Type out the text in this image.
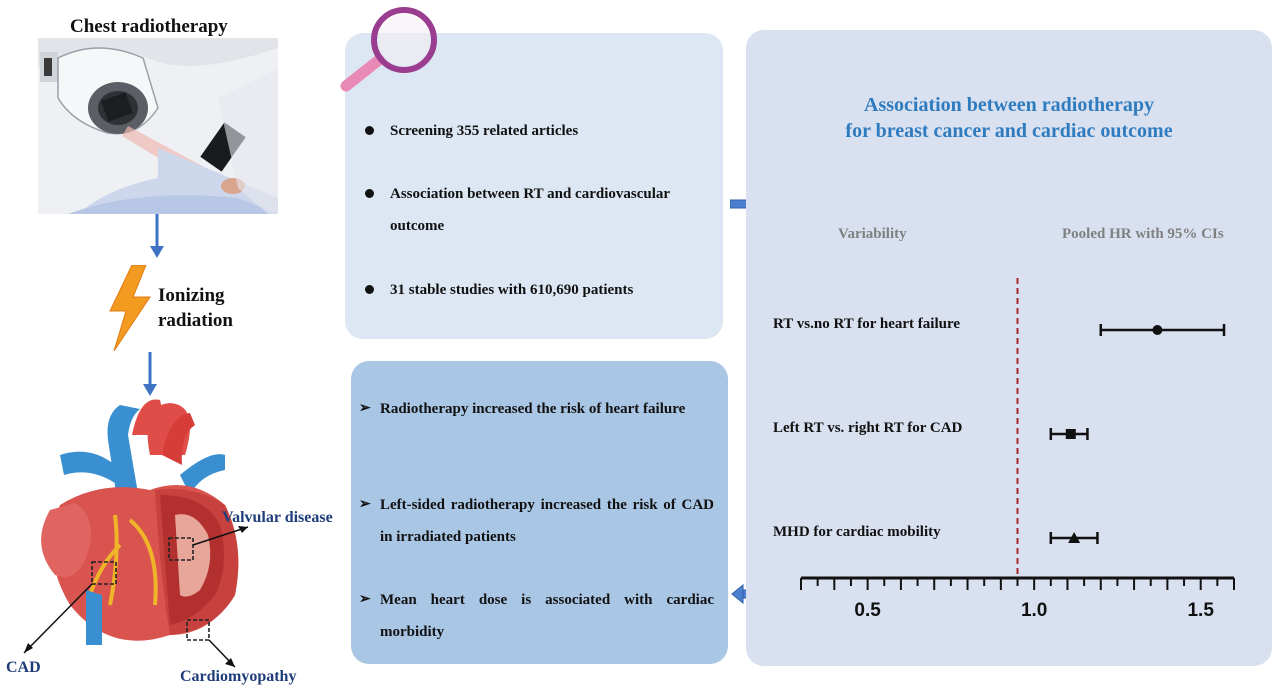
Chest radiotherapy
Ionizing
radiation
Valvular disease
CAD
Cardiomyopathy
Screening 355 related articles
Association between RT and cardiovascular outcome
31 stable studies with 610,690 patients
➢ Radiotherapy increased the risk of heart failure
➢ Left-sided radiotherapy increased the risk of CAD in irradiated patients
➢ Mean heart dose is associated with cardiac morbidity
Association between radiotherapy
for breast cancer and cardiac outcome
Variability	Pooled HR with 95% CIs
RT vs.no RT for heart failure
Left RT vs. right RT for CAD
MHD for cardiac mobility
0.5	1.0	1.5
